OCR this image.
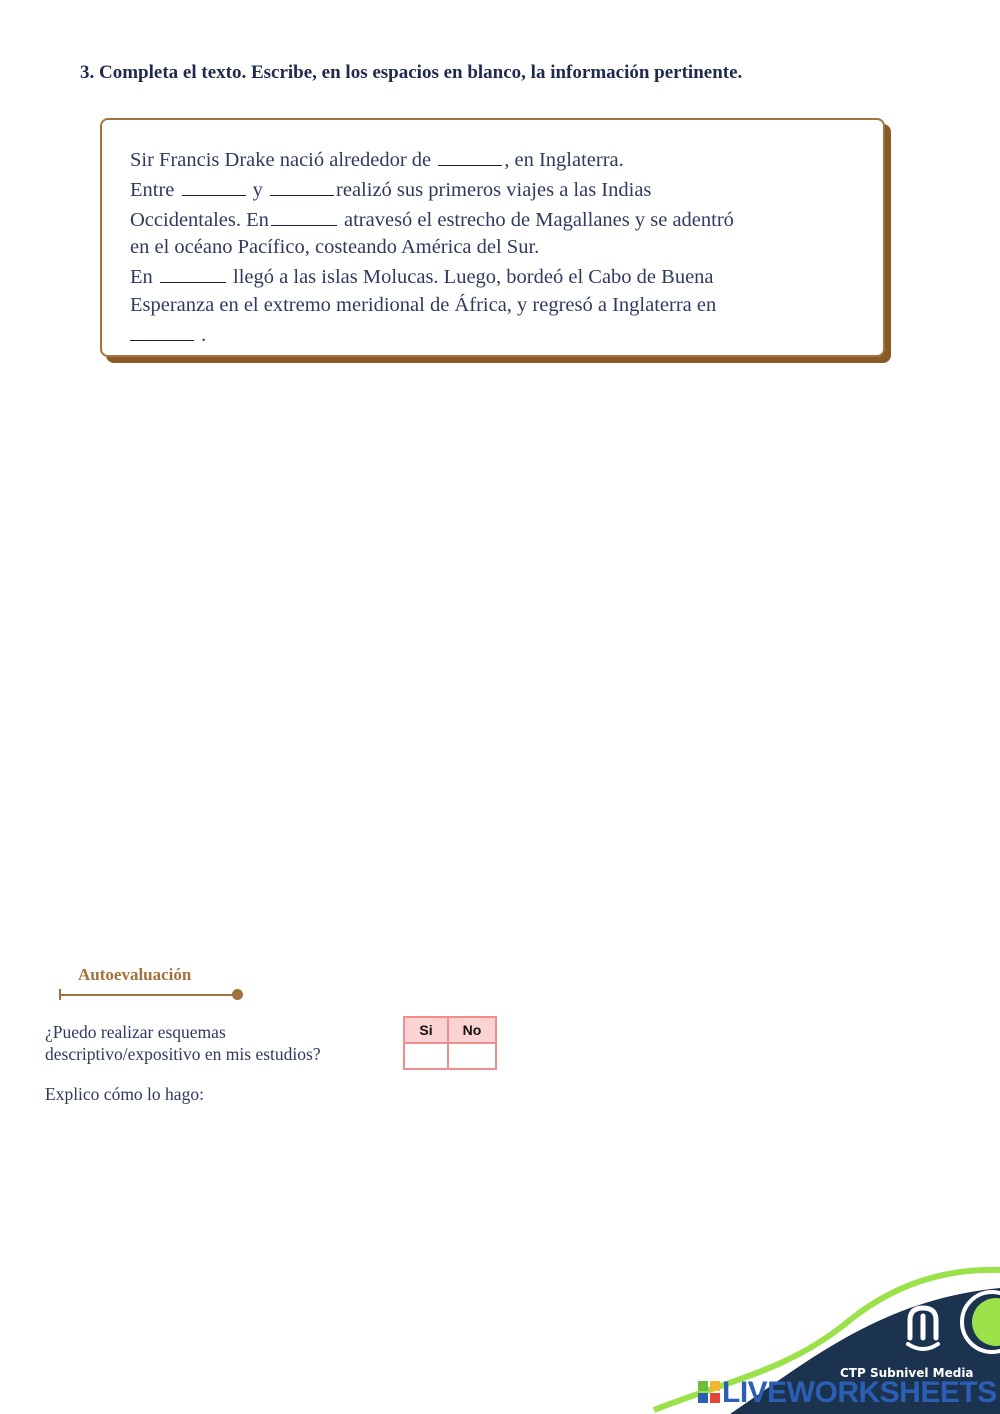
3. Completa el texto. Escribe, en los espacios en blanco, la información pertinente.
Sir Francis Drake nació alrededor de	, en Inglaterra.
Entre	y	realizó sus primeros viajes a las Indias
Occidentales. En	atravesó el estrecho de Magallanes y se adentró
en el océano Pacífico, costeando América del Sur.
En	llegó a las islas Molucas. Luego, bordeó el Cabo de Buena
Esperanza en el extremo meridional de África, y regresó a Inglaterra en
.
Autoevaluación
¿Puedo realizar esquemas
descriptivo/expositivo en mis estudios?
Si	No

Explico cómo lo hago:
CTP Subnivel Media
LIVEWORKSHEETS
